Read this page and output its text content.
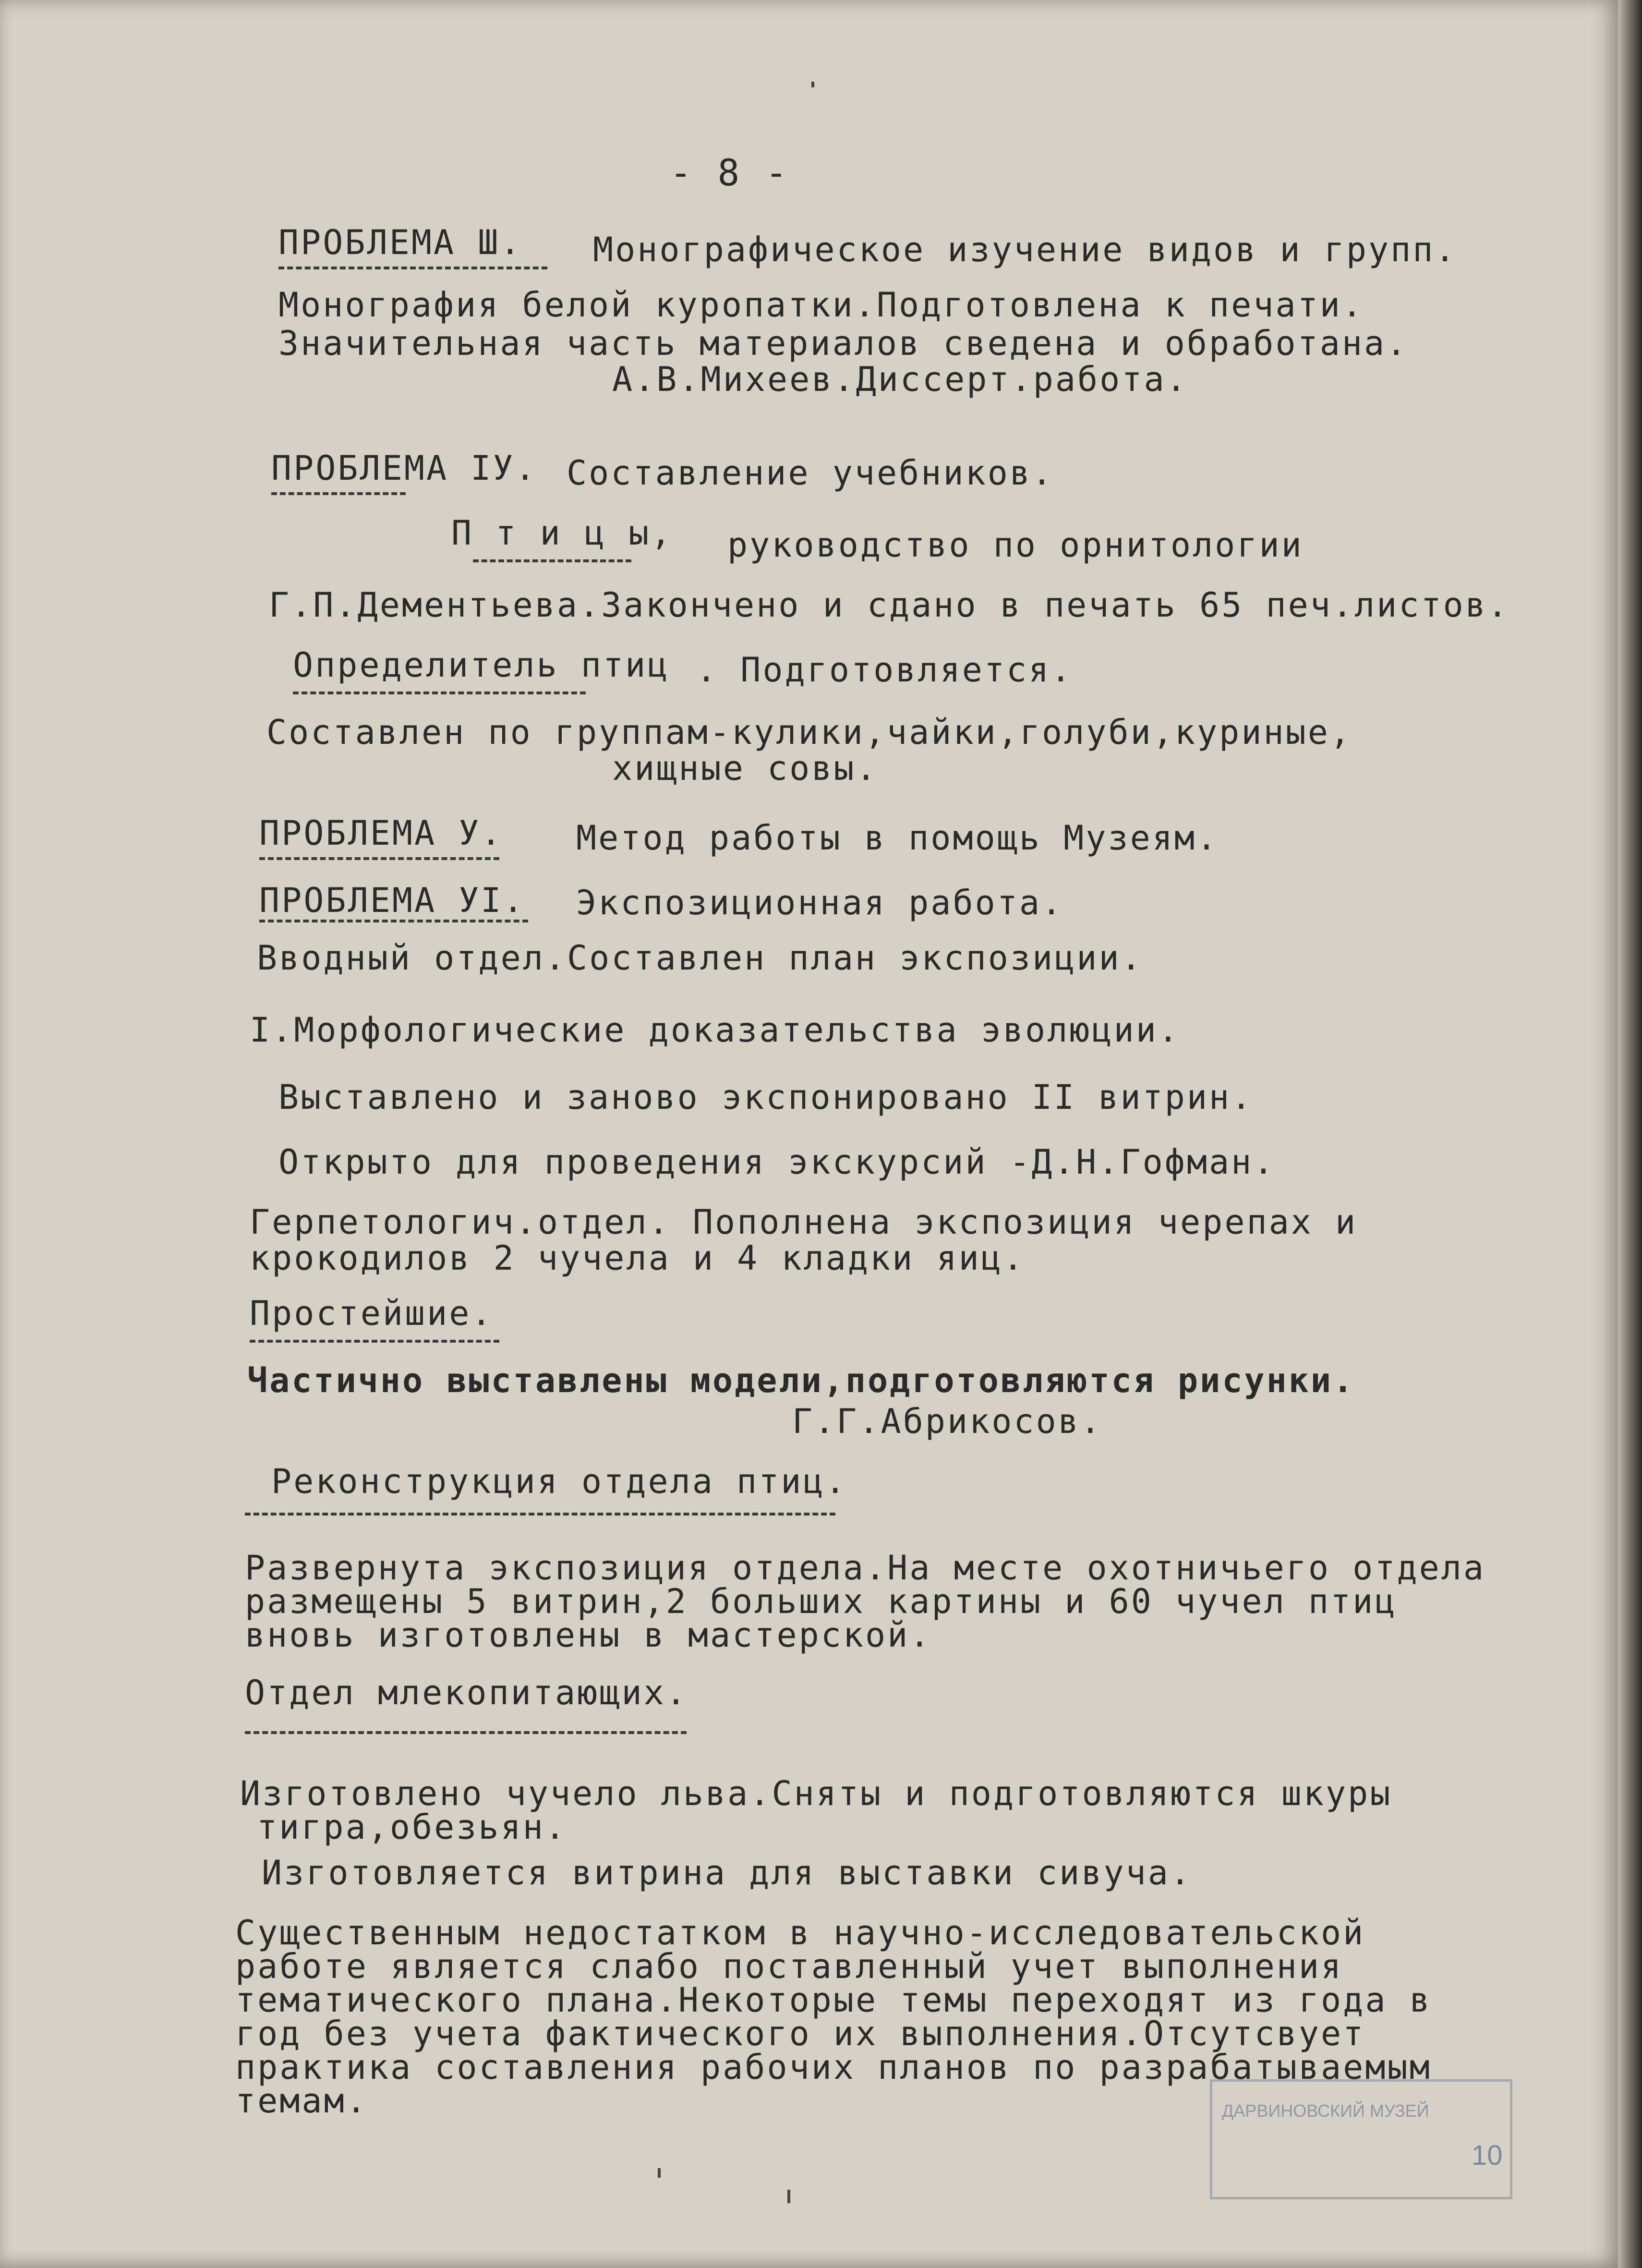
- 8 -
ПРОБЛЕМА Ш. Монографическое изучение видов и групп.
Монография белой куропатки.Подготовлена к печати.
Значительная часть материалов сведена и обработана.
А.В.Михеев.Диссерт.работа.
ПРОБЛЕМА IУ. Составление учебников.
П т и ц ы, руководство по орнитологии
Г.П.Дементьева.Закончено и сдано в печать 65 печ.листов.
Определитель птиц . Подготовляется.
Составлен по группам-кулики,чайки,голуби,куриные,
хищные совы.
ПРОБЛЕМА У. Метод работы в помощь Музеям.
ПРОБЛЕМА УI. Экспозиционная работа.
Вводный отдел.Составлен план экспозиции.
I.Морфологические доказательства эволюции.
Выставлено и заново экспонировано II витрин.
Открыто для проведения экскурсий -Д.Н.Гофман.
Герпетологич.отдел. Пополнена экспозиция черепах и
крокодилов 2 чучела и 4 кладки яиц.
Простейшие.
Частично выставлены модели,подготовляются рисунки.
Г.Г.Абрикосов.
Реконструкция отдела птиц.
Развернута экспозиция отдела.На месте охотничьего отдела
размещены 5 витрин,2 больших картины и 60 чучел птиц
вновь изготовлены в мастерской.
Отдел млекопитающих.
Изготовлено чучело льва.Сняты и подготовляются шкуры
тигра,обезьян.
Изготовляется витрина для выставки сивуча.
Существенным недостатком в научно-исследовательской
работе является слабо поставленный учет выполнения
тематического плана.Некоторые темы переходят из года в
год без учета фактического их выполнения.Отсутсвует
практика составления рабочих планов по разрабатываемым
темам.	ДАРВИНОВСКИЙ МУЗЕЙ
10
